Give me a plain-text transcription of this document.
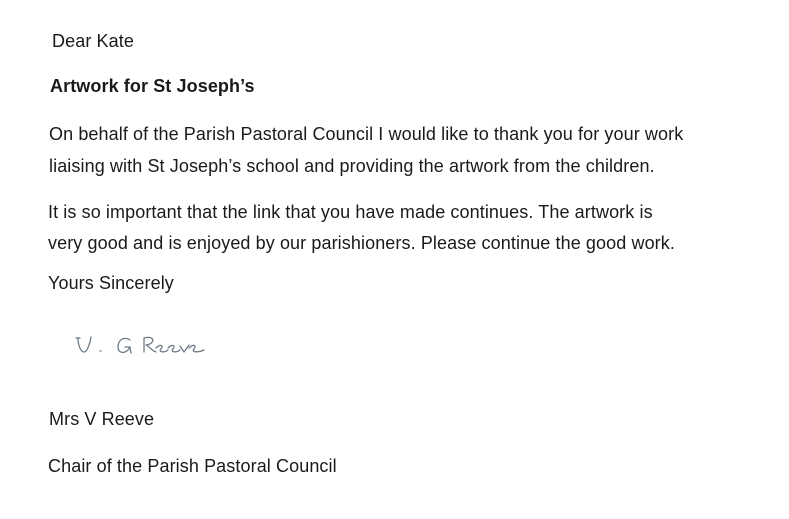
Dear Kate
Artwork for St Joseph’s
On behalf of the Parish Pastoral Council I would like to thank you for your work
liaising with St Joseph’s school and providing the artwork from the children.
It is so important that the link that you have made continues. The artwork is
very good and is enjoyed by our parishioners. Please continue the good work.
Yours Sincerely
Mrs V Reeve
Chair of the Parish Pastoral Council
